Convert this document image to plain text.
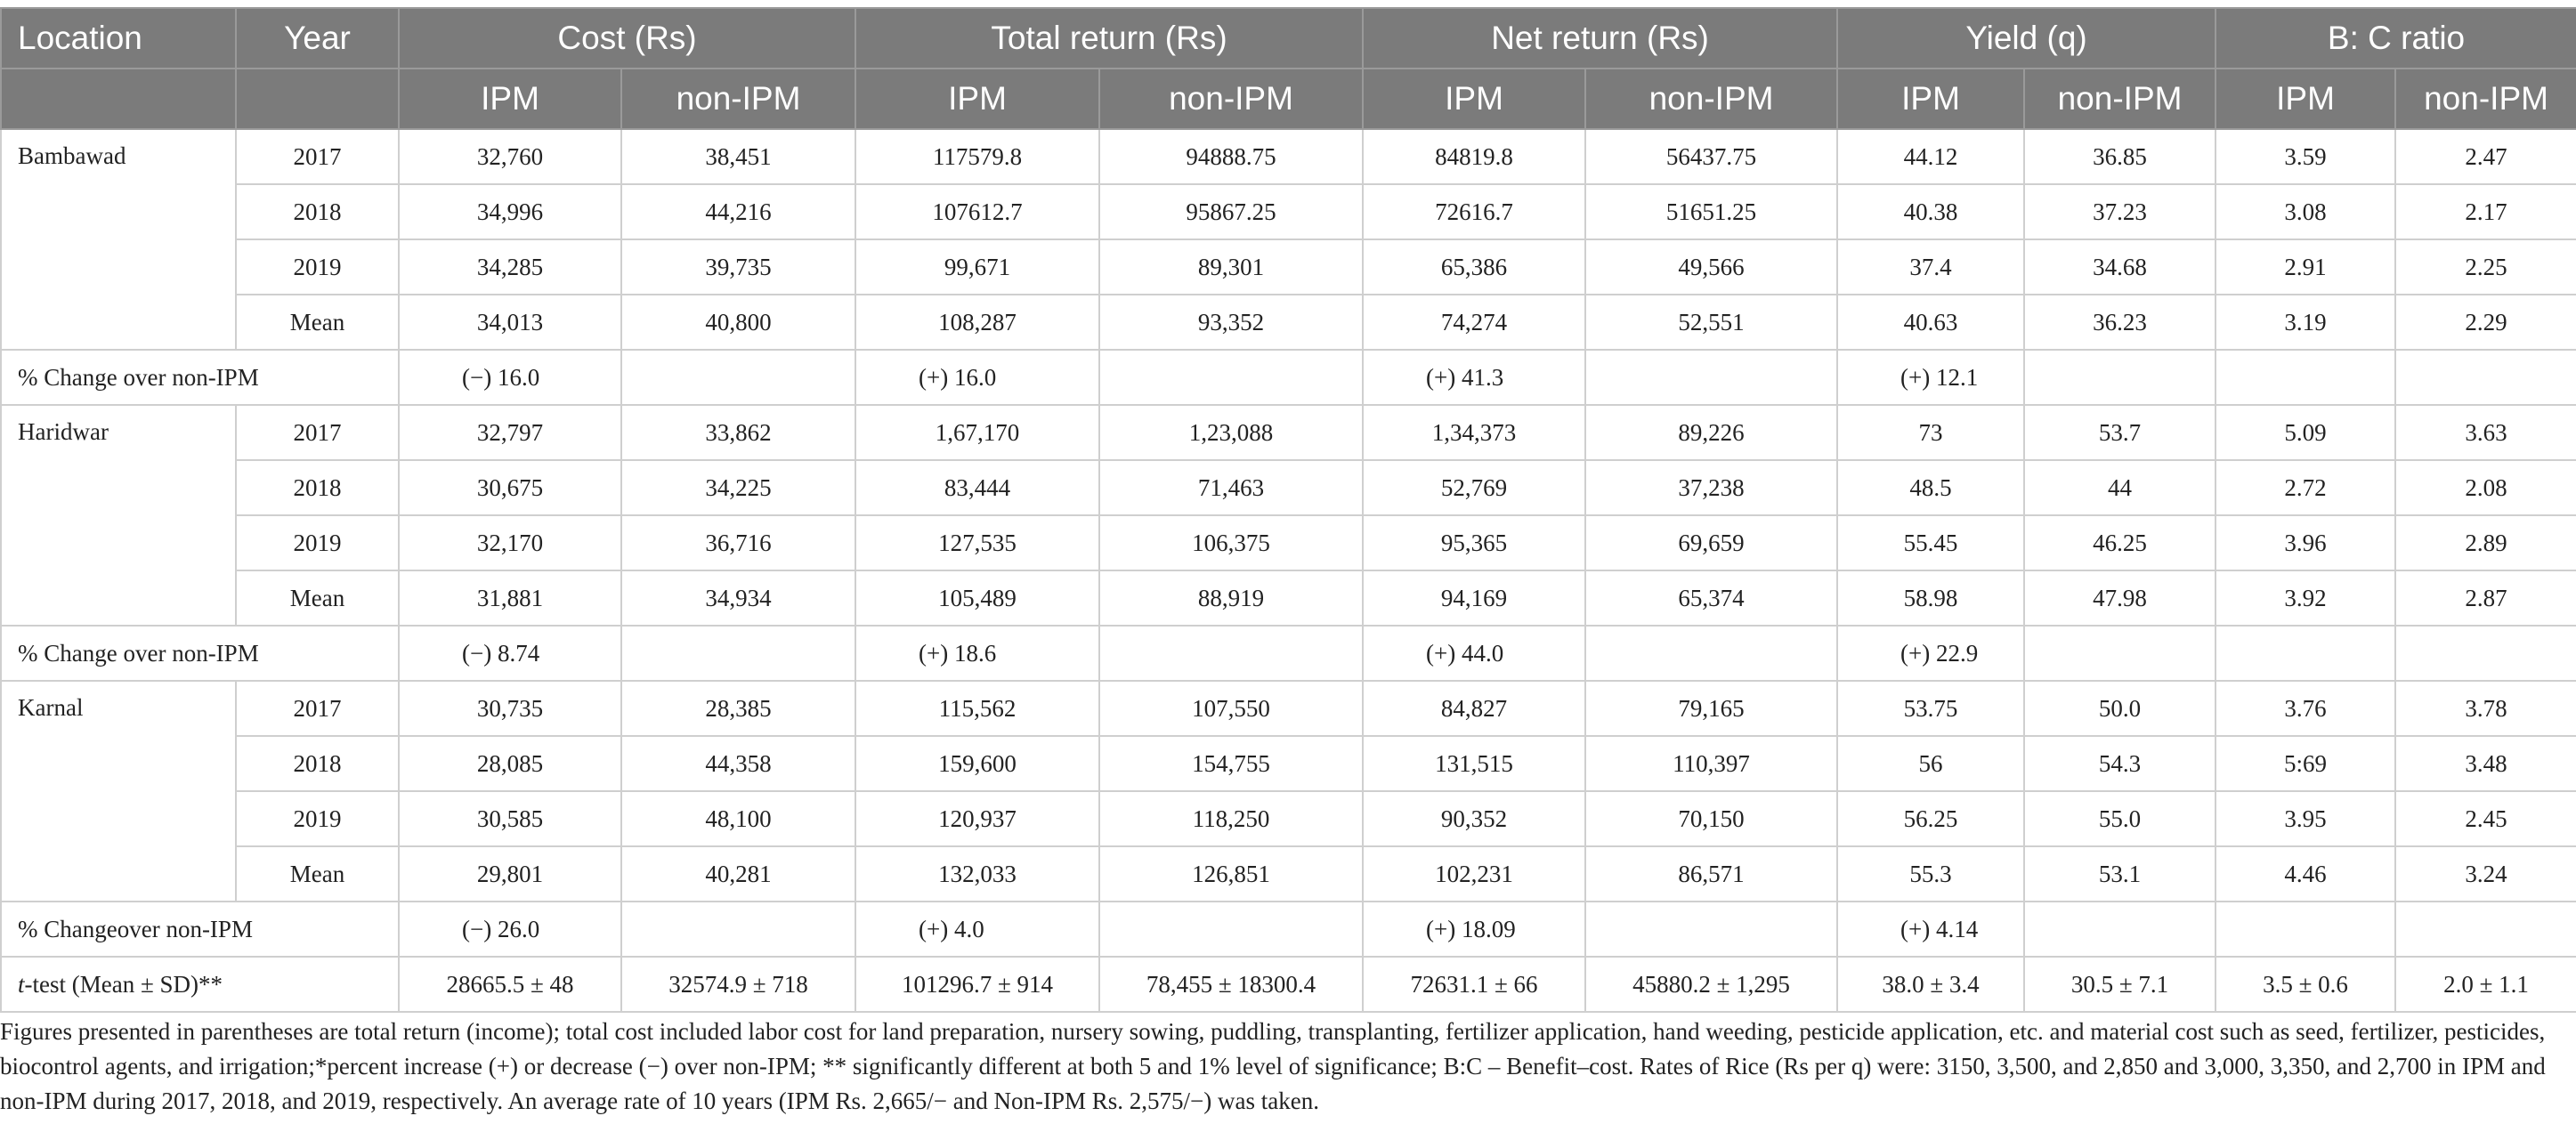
Location	Year	Cost (Rs)		Total return (Rs)		Net return (Rs)		Yield (q)		B: C ratio	
		IPM	non-IPM	IPM	non-IPM	IPM	non-IPM	IPM	non-IPM	IPM	non-IPM
Bambawad	2017	32,760	38,451	117579.8	94888.75	84819.8	56437.75	44.12	36.85	3.59	2.47
	2018	34,996	44,216	107612.7	95867.25	72616.7	51651.25	40.38	37.23	3.08	2.17
	2019	34,285	39,735	99,671	89,301	65,386	49,566	37.4	34.68	2.91	2.25
	Mean	34,013	40,800	108,287	93,352	74,274	52,551	40.63	36.23	3.19	2.29
% Change over non-IPM		(−) 16.0		(+) 16.0		(+) 41.3		(+) 12.1			
Haridwar	2017	32,797	33,862	1,67,170	1,23,088	1,34,373	89,226	73	53.7	5.09	3.63
	2018	30,675	34,225	83,444	71,463	52,769	37,238	48.5	44	2.72	2.08
	2019	32,170	36,716	127,535	106,375	95,365	69,659	55.45	46.25	3.96	2.89
	Mean	31,881	34,934	105,489	88,919	94,169	65,374	58.98	47.98	3.92	2.87
% Change over non-IPM		(−) 8.74		(+) 18.6		(+) 44.0		(+) 22.9			
Karnal	2017	30,735	28,385	115,562	107,550	84,827	79,165	53.75	50.0	3.76	3.78
	2018	28,085	44,358	159,600	154,755	131,515	110,397	56	54.3	5:69	3.48
	2019	30,585	48,100	120,937	118,250	90,352	70,150	56.25	55.0	3.95	2.45
	Mean	29,801	40,281	132,033	126,851	102,231	86,571	55.3	53.1	4.46	3.24
% Changeover non-IPM		(−) 26.0		(+) 4.0		(+) 18.09		(+) 4.14			
t-test (Mean ± SD)**		28665.5 ± 48	32574.9 ± 718	101296.7 ± 914	78,455 ± 18300.4	72631.1 ± 66	45880.2 ± 1,295	38.0 ± 3.4	30.5 ± 7.1	3.5 ± 0.6	2.0 ± 1.1

Figures presented in parentheses are total return (income); total cost included labor cost for land preparation, nursery sowing, puddling, transplanting, fertilizer application, hand weeding, pesticide application, etc. and material cost such as seed, fertilizer, pesticides, biocontrol agents, and irrigation;*percent increase (+) or decrease (−) over non-IPM; ** significantly different at both 5 and 1% level of significance; B:C – Benefit–cost. Rates of Rice (Rs per q) were: 3150, 3,500, and 2,850 and 3,000, 3,350, and 2,700 in IPM and non-IPM during 2017, 2018, and 2019, respectively. An average rate of 10 years (IPM Rs. 2,665/− and Non-IPM Rs. 2,575/−) was taken.
